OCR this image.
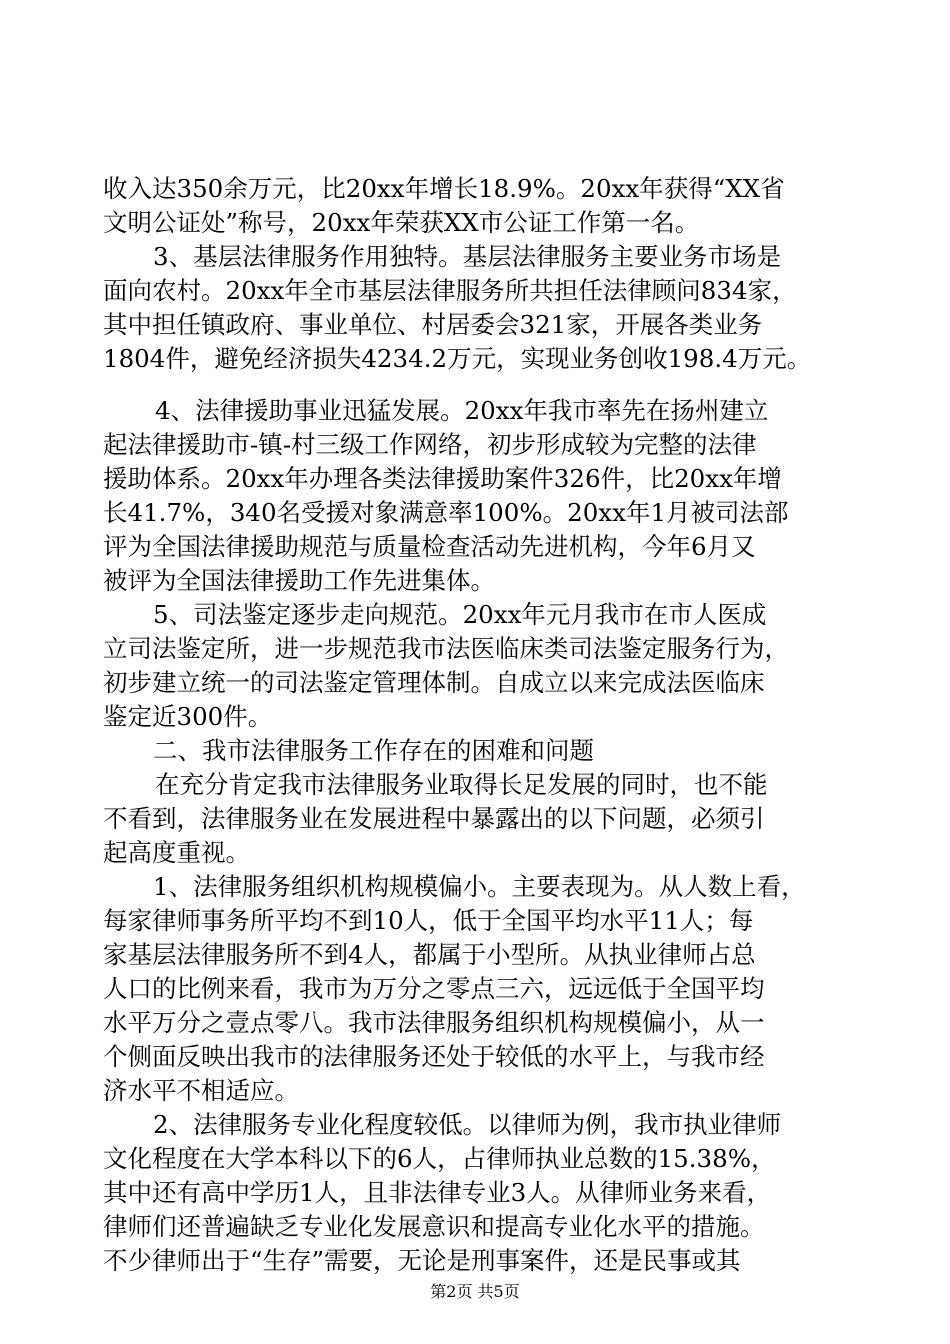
收入达350余万元，比20xx年增长18.9%。20xx年获得“XX省
文明公证处”称号，20xx年荣获XX市公证工作第一名。
3、基层法律服务作用独特。基层法律服务主要业务市场是
面向农村。20xx年全市基层法律服务所共担任法律顾问834家，
其中担任镇政府、事业单位、村居委会321家，开展各类业务
1804件，避免经济损失4234.2万元，实现业务创收198.4万元。
4、法律援助事业迅猛发展。20xx年我市率先在扬州建立
起法律援助市-镇-村三级工作网络，初步形成较为完整的法律
援助体系。20xx年办理各类法律援助案件326件，比20xx年增
长41.7%，340名受援对象满意率100%。20xx年1月被司法部
评为全国法律援助规范与质量检查活动先进机构，今年6月又
被评为全国法律援助工作先进集体。
5、司法鉴定逐步走向规范。20xx年元月我市在市人医成
立司法鉴定所，进一步规范我市法医临床类司法鉴定服务行为，
初步建立统一的司法鉴定管理体制。自成立以来完成法医临床
鉴定近300件。
二、我市法律服务工作存在的困难和问题
在充分肯定我市法律服务业取得长足发展的同时，也不能
不看到，法律服务业在发展进程中暴露出的以下问题，必须引
起高度重视。
1、法律服务组织机构规模偏小。主要表现为。从人数上看，
每家律师事务所平均不到10人，低于全国平均水平11人；每
家基层法律服务所不到4人，都属于小型所。从执业律师占总
人口的比例来看，我市为万分之零点三六，远远低于全国平均
水平万分之壹点零八。我市法律服务组织机构规模偏小，从一
个侧面反映出我市的法律服务还处于较低的水平上，与我市经
济水平不相适应。
2、法律服务专业化程度较低。以律师为例，我市执业律师
文化程度在大学本科以下的6人，占律师执业总数的15.38%，
其中还有高中学历1人，且非法律专业3人。从律师业务来看，
律师们还普遍缺乏专业化发展意识和提高专业化水平的措施。
不少律师出于“生存”需要，无论是刑事案件，还是民事或其
第2页 共5页
